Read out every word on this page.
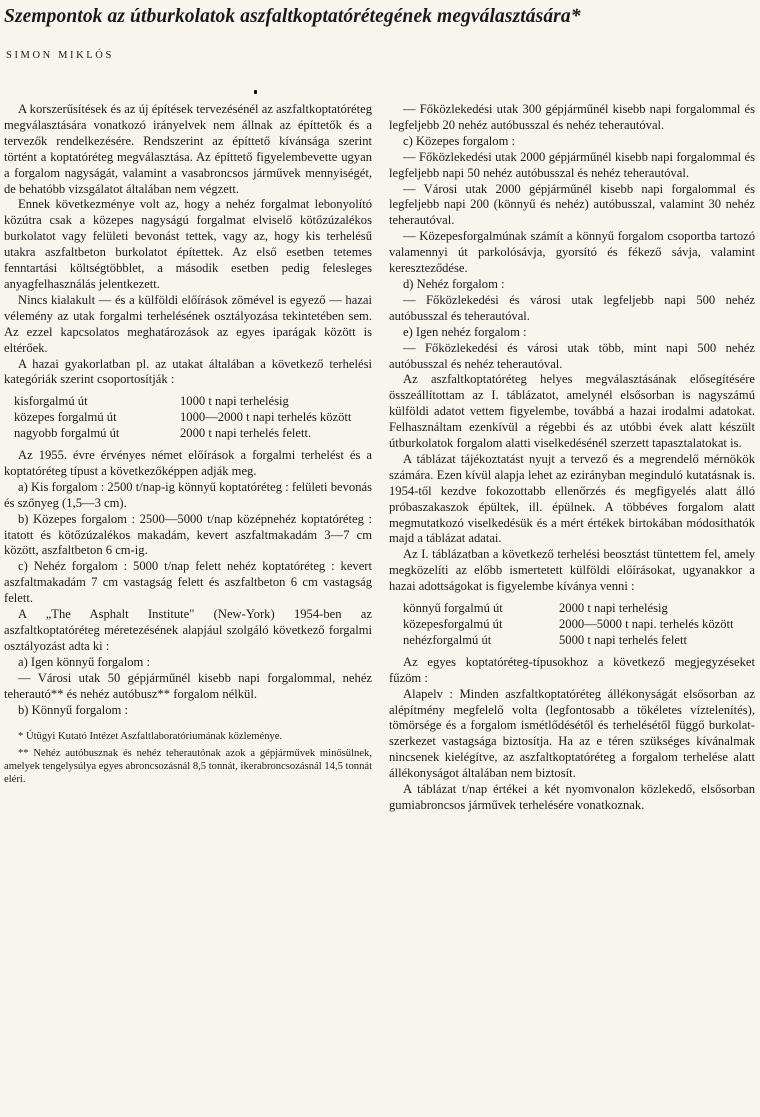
Szempontok az útburkolatok aszfaltkoptatórétegének megválasztására*
SIMON MIKLÓS

A korszerűsítések és az új építések tervezésénél az aszfaltkoptatóréteg megválasztására vonatkozó irányelvek nem állnak az építtetők és a tervezők rendelkezésére. Rendszerint az építtető kívánsága szerint történt a koptatóréteg megválasztása. Az építtető figyelembevette ugyan a forgalom nagyságát, valamint a vasabroncsos járművek mennyiségét, de behatóbb vizsgálatot általában nem végzett.

Ennek következménye volt az, hogy a nehéz forgalmat lebonyolító közútra csak a közepes nagyságú forgalmat elviselő kötőzúzalékos burkolatot vagy felületi bevonást tettek, vagy az, hogy kis terhelésű utakra aszfaltbeton burkolatot építettek. Az első esetben tetemes fenntartási költségtöbblet, a második esetben pedig felesleges anyagfelhasználás jelentkezett.

Nincs kialakult — és a külföldi előírások zömével is egyező — hazai vélemény az utak forgalmi terhelésének osztályozása tekintetében sem. Az ezzel kapcsolatos meghatározások az egyes iparágak között is eltérőek.

A hazai gyakorlatban pl. az utakat általában a következő terhelési kategóriák szerint csoportosítják :

kisforgalmú út	1000 t napi terhelésig
közepes forgalmú út	1000—2000 t napi terhelés között
nagyobb forgalmú út	2000 t napi terhelés felett.

Az 1955. évre érvényes német előírások a forgalmi terhelést és a koptatóréteg típust a következőképpen adják meg.

a) Kis forgalom : 2500 t/nap-ig könnyű koptatóréteg : felületi bevonás és szőnyeg (1,5—3 cm).

b) Közepes forgalom : 2500—5000 t/nap középnehéz koptatóréteg : itatott és kötőzúzalékos makadám, kevert aszfaltmakadám 3—7 cm között, aszfaltbeton 6 cm-ig.

c) Nehéz forgalom : 5000 t/nap felett nehéz koptatóréteg : kevert aszfaltmakadám 7 cm vastagság felett és aszfaltbeton 6 cm vastagság felett.

A „The Asphalt Institute" (New-York) 1954-ben az aszfaltkoptatóréteg méretezésének alapjául szolgáló következő forgalmi osztályozást adta ki :

a) Igen könnyű forgalom :

— Városi utak 50 gépjárműnél kisebb napi forgalommal, nehéz teherautó** és nehéz autóbusz** forgalom nélkül.

b) Könnyű forgalom :

* Útügyi Kutató Intézet Aszfaltlaboratóriumának közleménye.

** Nehéz autóbusznak és nehéz teherautónak azok a gépjárművek minősülnek, amelyek tengelysúlya egyes abroncsozásnál 8,5 tonnát, ikerabroncsozásnál 14,5 tonnát eléri.

— Főközlekedési utak 300 gépjárműnél kisebb napi forgalommal és legfeljebb 20 nehéz autóbusszal és nehéz teherautóval.

c) Közepes forgalom :

— Főközlekedési utak 2000 gépjárműnél kisebb napi forgalommal és legfeljebb napi 50 nehéz autóbusszal és nehéz teherautóval.

— Városi utak 2000 gépjárműnél kisebb napi forgalommal és legfeljebb napi 200 (könnyű és nehéz) autóbusszal, valamint 30 nehéz teherautóval.

— Közepesforgalmúnak számít a könnyű forgalom csoportba tartozó valamennyi út parkolósávja, gyorsító és fékező sávja, valamint kereszteződése.

d) Nehéz forgalom :

— Főközlekedési és városi utak legfeljebb napi 500 nehéz autóbusszal és teherautóval.

e) Igen nehéz forgalom :

— Főközlekedési és városi utak több, mint napi 500 nehéz autóbusszal és nehéz teherautóval.

Az aszfaltkoptatóréteg helyes megválasztásának elősegítésére összeállítottam az I. táblázatot, amelynél elsősorban is nagyszámú külföldi adatot vettem figyelembe, továbbá a hazai irodalmi adatokat. Felhasználtam ezenkívül a régebbi és az utóbbi évek alatt készült útburkolatok forgalom alatti viselkedésénél szerzett tapasztalatokat is.

A táblázat tájékoztatást nyujt a tervező és a megrendelő mérnökök számára. Ezen kívül alapja lehet az ezirányban meginduló kutatásnak is. 1954-től kezdve fokozottabb ellenőrzés és megfigyelés alatt álló próbaszakaszok épültek, ill. épülnek. A többéves forgalom alatt megmutatkozó viselkedésük és a mért értékek birtokában módosíthatók majd a táblázat adatai.

Az I. táblázatban a következő terhelési beosztást tüntettem fel, amely megközelíti az előbb ismertetett külföldi előírásokat, ugyanakkor a hazai adottságokat is figyelembe kíványa venni :

könnyű forgalmú út	2000 t napi terhelésig
közepesforgalmú út	2000—5000 t napi. terhelés között
nehézforgalmú út	5000 t napi terhelés felett

Az egyes koptatóréteg-típusokhoz a következő megjegyzéseket fűzöm :

Alapelv : Minden aszfaltkoptatóréteg állékonyságát elsősorban az alépítmény megfelelő volta (legfontosabb a tökéletes víztelenítés), tömörsége és a forgalom ismétlődésétől és terhelésétől függő burkolat-szerkezet vastagsága biztosítja. Ha az e téren szükséges kívánalmak nincsenek kielégítve, az aszfaltkoptatóréteg a forgalom terhelése alatt állékonyságot általában nem biztosít.

A táblázat t/nap értékei a két nyomvonalon közlekedő, elsősorban gumiabroncsos járművek terhelésére vonatkoznak.
